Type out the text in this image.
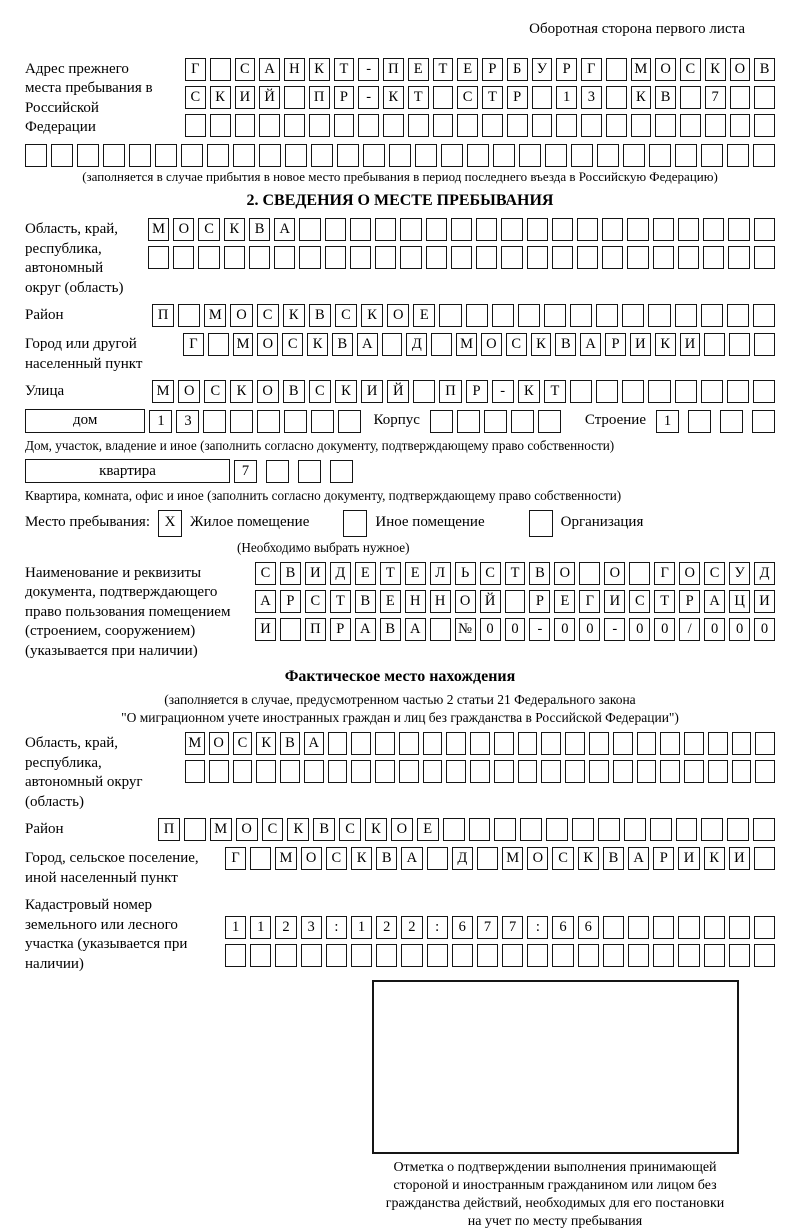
Оборотная сторона первого листа
Адрес прежнего места пребывания в Российской Федерации
Г	С	А Н	К	Т	-	П	Е	Т	Е	Р	Б	У	Р	Г	М О	С	К	О	В
С	К	И Й	П	Р	-	К	Т	С	Т	Р	1	3	К	В	7
(заполняется в случае прибытия в новое место пребывания в период последнего въезда в Российскую Федерацию)
2. СВЕДЕНИЯ О МЕСТЕ ПРЕБЫВАНИЯ
Область, край, республика, автономный округ (область)
М О	С	К	В	А
Район	П	М О	С	К	В	С	К	О	Е
Город или другой населенный пункт
Г	М О	С	К	В	А	Д	М О	С	К	В	А	Р	И	К	И
Улица	М О	С	К	О	В	С	К	И	Й	П	Р	-	К	Т
дом	1	3	Корпус	Строение	1
Дом, участок, владение и иное (заполнить согласно документу, подтверждающему право собственности)
квартира	7
Квартира, комната, офис и иное (заполнить согласно документу, подтверждающему право собственности)
Место пребывания: X Жилое помещение	Иное помещение	Организация
(Необходимо выбрать нужное)
Наименование и реквизиты документа, подтверждающего право пользования помещением (строением, сооружением) (указывается при наличии)
С	В	И	Д	Е	Т	Е	Л	Ь	С	Т	В	О	О	Г	О	С	У	Д
А	Р	С	Т	В	Е	Н Н О Й	Р	Е	Г	И	С	Т	Р	А Ц И
И	П	Р	А	В	А	№ 0	0	-	0	0	-	0	0	/	0	0	0
Фактическое место нахождения
(заполняется в случае, предусмотренном частью 2 статьи 21 Федерального закона
"О миграционном учете иностранных граждан и лиц без гражданства в Российской Федерации")
Область, край, республика, автономный округ (область)
М О С К В А
Район	П	М О	С	К	В	С	К	О	Е
Город, сельское поселение, иной населенный пункт
Г	М О	С	К	В	А	Д	М О	С	К	В	А	Р	И	К	И
Кадастровый номер земельного или лесного участка (указывается при наличии)
1	1	2	3	:	1	2	2	:	6	7	7	:	6	6
Отметка о подтверждении выполнения принимающей
стороной и иностранным гражданином или лицом без
гражданства действий, необходимых для его постановки
на учет по месту пребывания
